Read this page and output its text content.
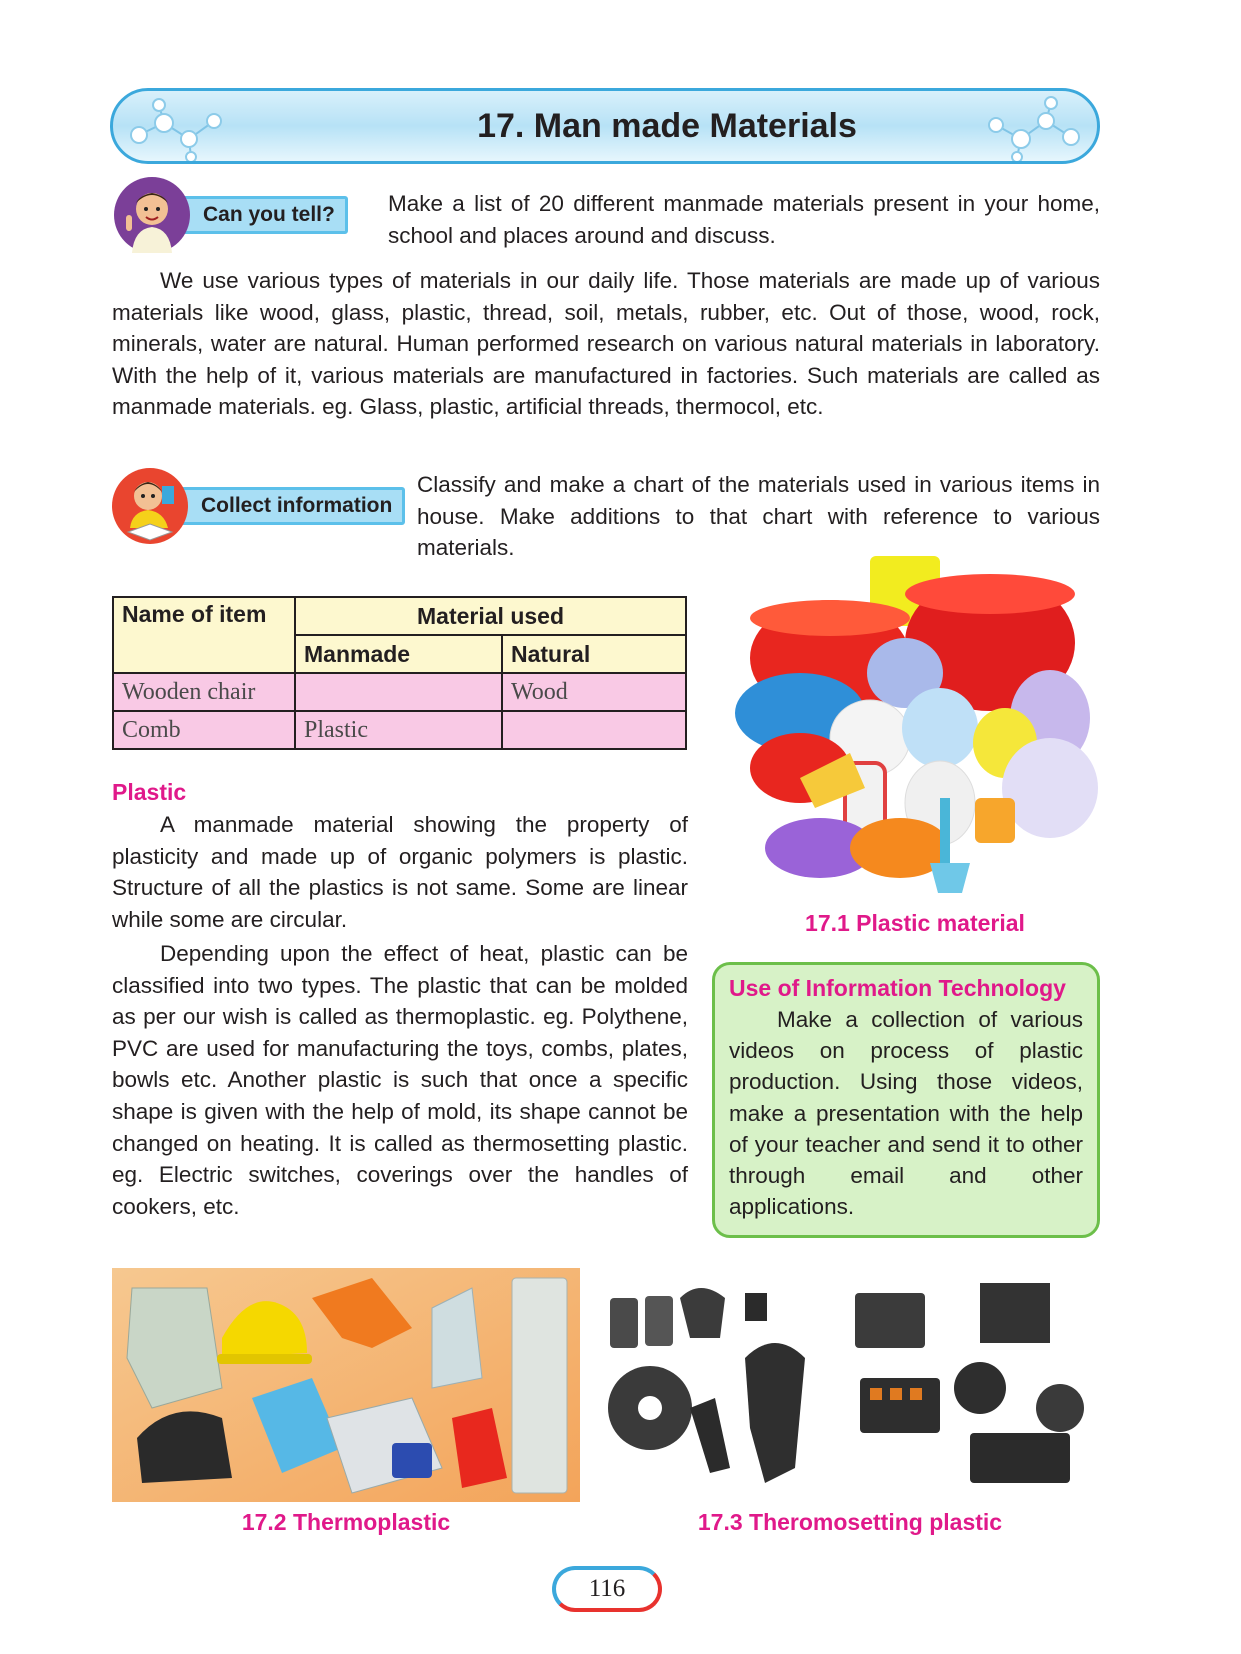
17. Man made Materials
Can you tell?	Make a list of 20 different manmade materials present in your home, school and places around and discuss.
We use various types of materials in our daily life. Those materials are made up of various materials like wood, glass, plastic, thread, soil, metals, rubber, etc. Out of those, wood, rock, minerals, water are natural. Human performed research on various natural materials in laboratory. With the help of it, various materials are manufactured in factories. Such materials are called as manmade materials. eg. Glass, plastic, artificial threads, thermocol, etc.
Collect information
Classify and make a chart of the materials used in various items in house. Make additions to that chart with reference to various materials.
Name of item	Material used	
	Manmade	Natural
Wooden chair		Wood
Comb	Plastic	
Plastic
A manmade material showing the property of plasticity and made up of organic polymers is plastic. Structure of all the plastics is not same. Some are linear while some are circular.
Depending upon the effect of heat, plastic can be classified into two types. The plastic that can be molded as per our wish is called as thermoplastic. eg. Polythene, PVC are used for manufacturing the toys, combs, plates, bowls etc. Another plastic is such that once a specific shape is given with the help of mold, its shape cannot be changed on heating. It is called as thermosetting plastic. eg. Electric switches, coverings over the handles of cookers, etc.
17.1 Plastic material
Use of Information Technology
Make a collection of various videos on process of plastic production. Using those videos, make a presentation with the help of your teacher and send it to other through email and other applications.
17.2 Thermoplastic	17.3 Theromosetting plastic
116
